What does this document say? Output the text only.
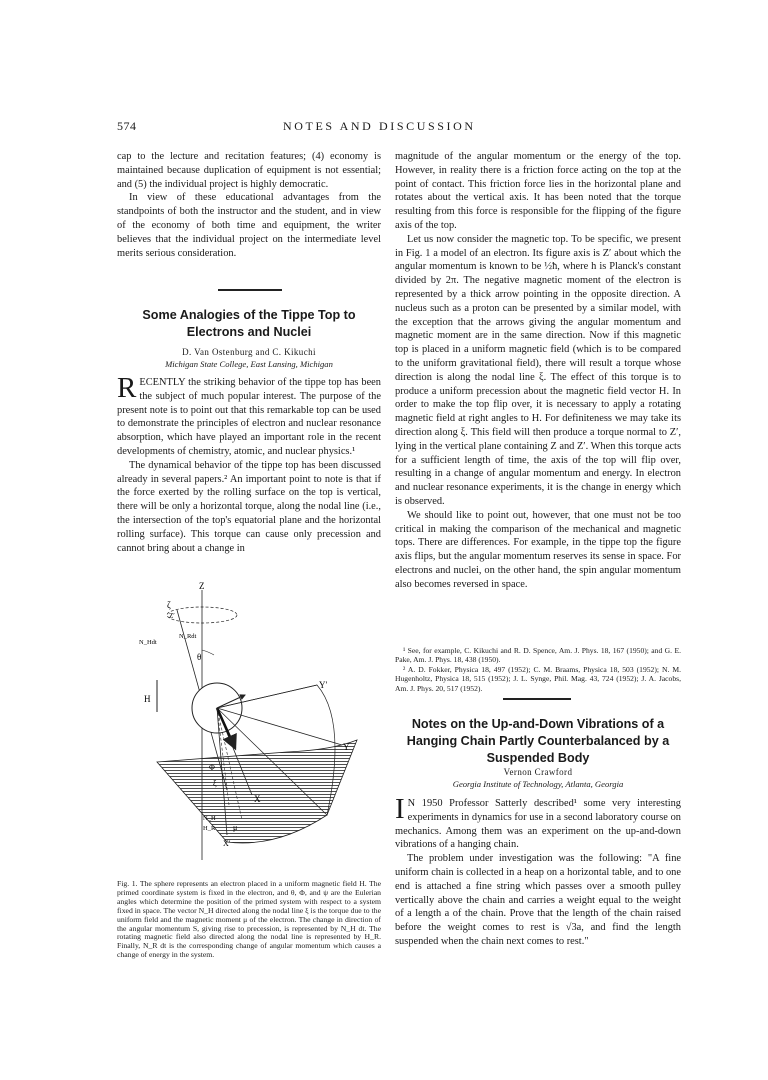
574	NOTES AND DISCUSSION

cap to the lecture and recitation features; (4) economy is maintained because duplication of equipment is not essential; and (5) the individual project is highly democratic.

In view of these educational advantages from the standpoints of both the instructor and the student, and in view of the economy of both time and equipment, the writer believes that the individual project on the intermediate level merits serious consideration.

Some Analogies of the Tippe Top to Electrons and Nuclei
D. Van Ostenburg and C. Kikuchi
Michigan State College, East Lansing, Michigan

RECENTLY the striking behavior of the tippe top has been the subject of much popular interest. The purpose of the present note is to point out that this remarkable top can be used to demonstrate the principles of electron and nuclear resonance absorption, which have played an important role in the recent developments of chemistry, atomic, and nuclear physics.¹

The dynamical behavior of the tippe top has been discussed already in several papers.² An important point to note is that if the force exerted by the rolling surface on the top is vertical, there will be only a horizontal torque, along the nodal line (i.e., the intersection of the top's equatorial plane and the horizontal rolling surface). This torque can cause only precession and cannot bring about a change in

Z
ζ
Z′
Y
Y′
X
X′
H
θ
Φ
ξ
N_Hdt
N_Rdt
N_H
H_R μ
Fig. 1. The sphere represents an electron placed in a uniform magnetic field H. The primed coordinate system is fixed in the electron, and θ, Φ, and ψ are the Eulerian angles which determine the position of the primed system with respect to a system fixed in space. The vector N_H directed along the nodal line ξ is the torque due to the uniform field and the magnetic moment μ of the electron. The change in direction of the angular momentum S, giving rise to precession, is represented by N_H dt. The rotating magnetic field also directed along the nodal line is represented by H_R. Finally, N_R dt is the corresponding change of angular momentum which causes a change of energy in the system.

magnitude of the angular momentum or the energy of the top. However, in reality there is a friction force acting on the top at the point of contact. This friction force lies in the horizontal plane and rotates about the vertical axis. It has been noted that the torque resulting from this force is responsible for the flipping of the figure axis of the top.

Let us now consider the magnetic top. To be specific, we present in Fig. 1 a model of an electron. Its figure axis is Z′ about which the angular momentum is known to be ½ħ, where h is Planck's constant divided by 2π. The negative magnetic moment of the electron is represented by a thick arrow pointing in the opposite direction. A nucleus such as a proton can be presented by a similar model, with the exception that the arrows giving the angular momentum and magnetic moment are in the same direction. Now if this magnetic top is placed in a uniform magnetic field (which is to be compared to the uniform gravitational field), there will result a torque whose direction is along the nodal line ξ. The effect of this torque is to produce a uniform precession about the magnetic field vector H. In order to make the top flip over, it is necessary to apply a rotating magnetic field at right angles to H. For definiteness we may take its direction along ξ. This field will then produce a torque normal to Z′, lying in the vertical plane containing Z and Z′. When this torque acts for a sufficient length of time, the axis of the top will flip over, resulting in a change of angular momentum and energy. In electron and nuclear resonance experiments, it is the change in energy which is observed.

We should like to point out, however, that one must not be too critical in making the comparison of the mechanical and magnetic tops. There are differences. For example, in the tippe top the figure axis flips, but the angular momentum reserves its sense in space. For electrons and nuclei, on the other hand, the spin angular momentum also becomes reversed in space.

¹ See, for example, C. Kikuchi and R. D. Spence, Am. J. Phys. 18, 167 (1950); and G. E. Pake, Am. J. Phys. 18, 438 (1950).

² A. D. Fokker, Physica 18, 497 (1952); C. M. Braams, Physica 18, 503 (1952); N. M. Hugenholtz, Physica 18, 515 (1952); J. L. Synge, Phil. Mag. 43, 724 (1952); J. A. Jacobs, Am. J. Phys. 20, 517 (1952).

Notes on the Up-and-Down Vibrations of a Hanging Chain Partly Counterbalanced by a Suspended Body
Vernon Crawford
Georgia Institute of Technology, Atlanta, Georgia

I N 1950 Professor Satterly described¹ some very interesting experiments in dynamics for use in a second laboratory course on mechanics. Among them was an experiment on the up-and-down vibrations of a hanging chain.

The problem under investigation was the following: "A fine uniform chain is collected in a heap on a horizontal table, and to one end is attached a fine string which passes over a smooth pulley vertically above the chain and carries a weight equal to the weight of a length a of the chain. Prove that the length of the chain raised before the weight comes to rest is √3a, and find the length suspended when the chain next comes to rest."
